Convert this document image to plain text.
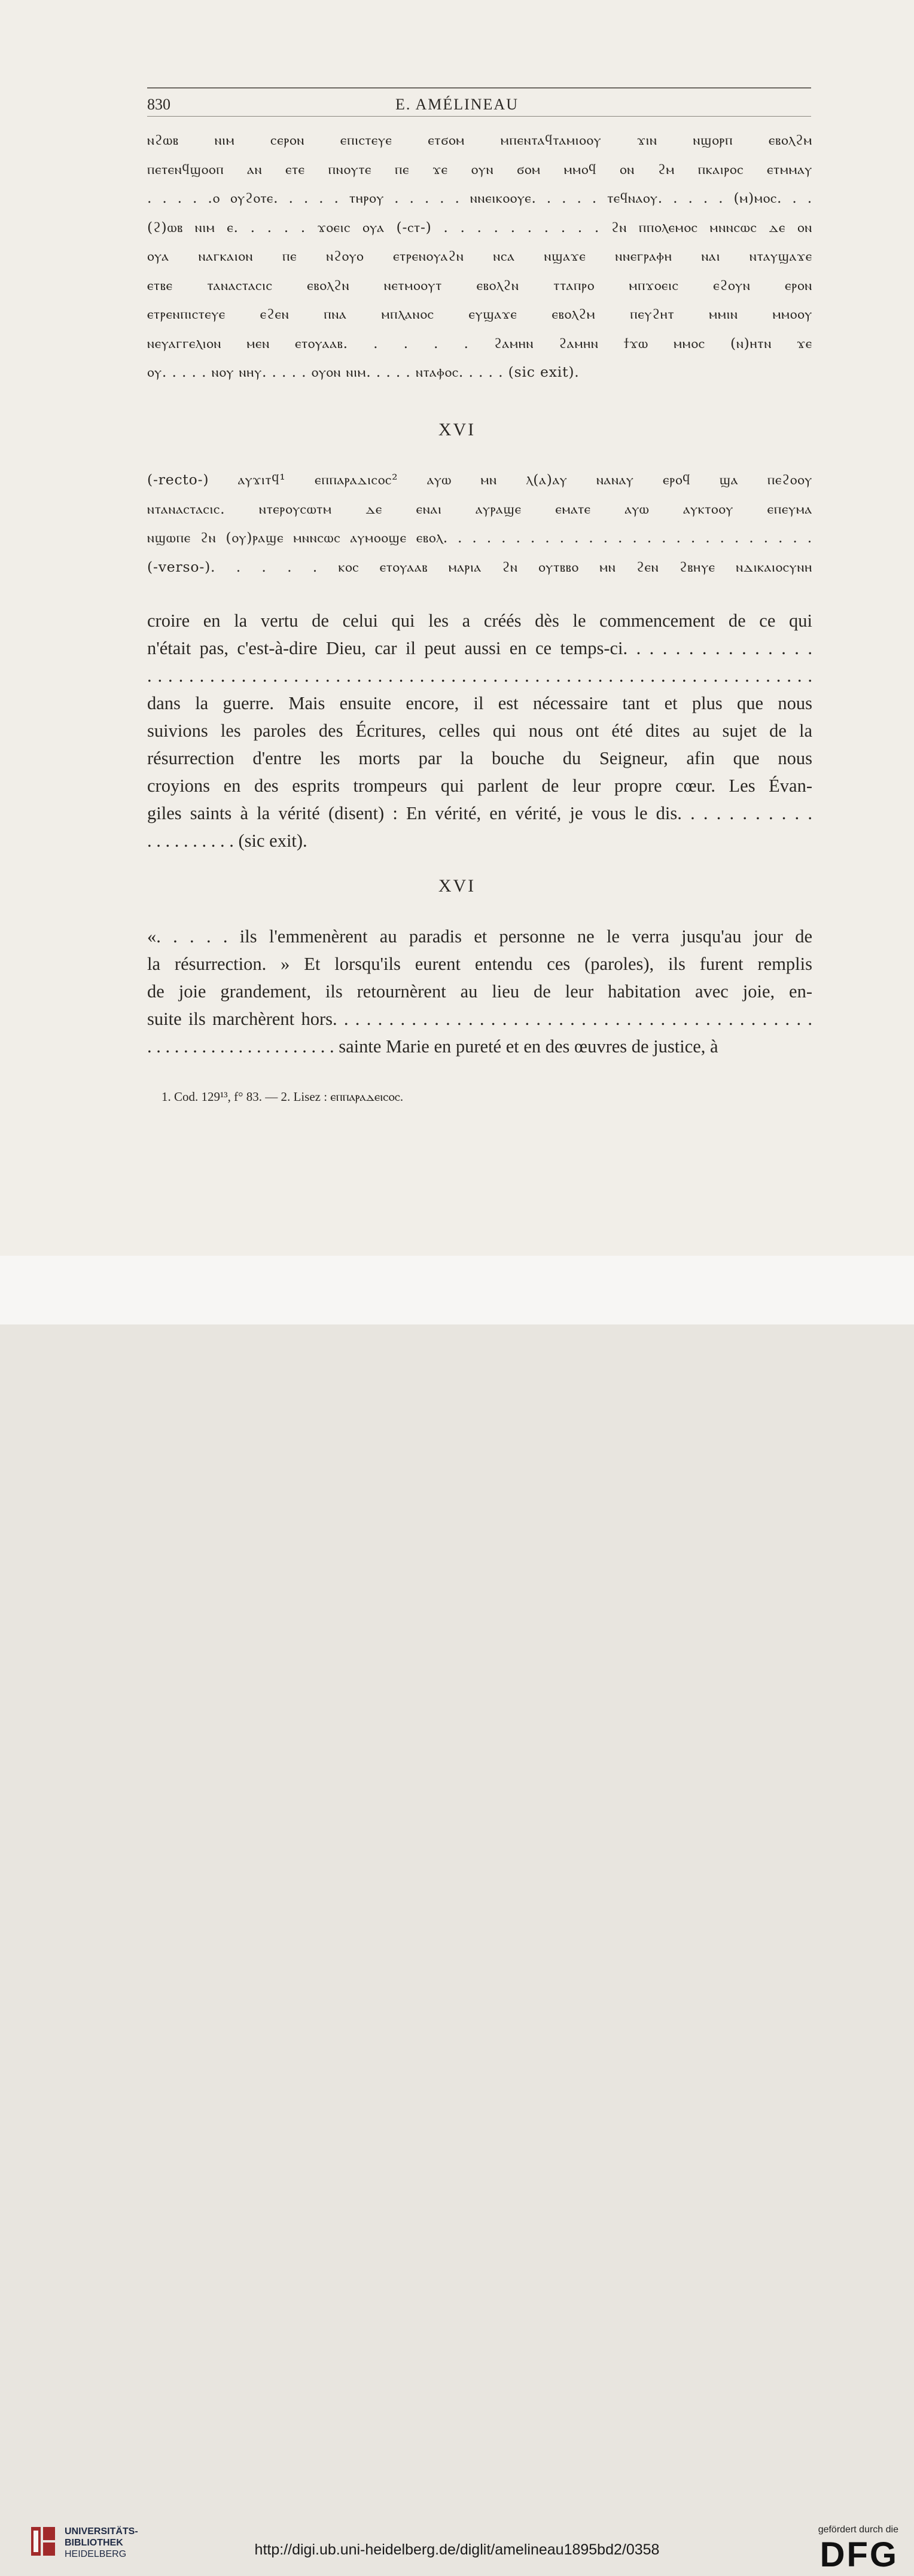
830	E. AMÉLINEAU

ⲛϩⲱⲃ ⲛⲓⲙ ⲥⲉⲣⲟⲛ ⲉⲡⲓⲥⲧⲉⲩⲉ ⲉⲧϭⲟⲙ ⲙⲡⲉⲛⲧⲁϥⲧⲁⲙⲓⲟⲟⲩ ϫⲓⲛ ⲛϣⲟⲣⲡ ⲉⲃⲟⲗϩⲙ

ⲡⲉⲧⲉⲛϥϣⲟⲟⲡ ⲁⲛ ⲉⲧⲉ ⲡⲛⲟⲩⲧⲉ ⲡⲉ ϫⲉ ⲟⲩⲛ ϭⲟⲙ ⲙⲙⲟϥ ⲟⲛ ϩⲙ ⲡⲕⲁⲓⲣⲟⲥ ⲉⲧⲙⲙⲁⲩ

. . . . .ⲟ ⲟⲩϩⲟⲧⲉ. . . . . ⲧⲏⲣⲟⲩ . . . . . ⲛⲛⲉⲓⲕⲟⲟⲩⲉ. . . . . ⲧⲉϥⲛⲁⲟⲩ. . . . . (ⲙ)ⲙⲟⲥ. . .

(ϩ)ⲱⲃ ⲛⲓⲙ ⲉ. . . . . ϫⲟⲉⲓⲥ ⲟⲩⲁ (-ⲥⲧ-) . . . . . . . . . . ϩⲛ ⲡⲡⲟⲗⲉⲙⲟⲥ ⲙⲛⲛⲥⲱⲥ ⲇⲉ ⲟⲛ

ⲟⲩⲁ ⲛⲁⲅⲕⲁⲓⲟⲛ ⲡⲉ ⲛϩⲟⲩⲟ ⲉⲧⲣⲉⲛⲟⲩⲁϩⲛ ⲛⲥⲁ ⲛϣⲁϫⲉ ⲛⲛⲉⲅⲣⲁⲫⲏ ⲛⲁⲓ ⲛⲧⲁⲩϣⲁϫⲉ

ⲉⲧⲃⲉ ⲧⲁⲛⲁⲥⲧⲁⲥⲓⲥ ⲉⲃⲟⲗϩⲛ ⲛⲉⲧⲙⲟⲟⲩⲧ ⲉⲃⲟⲗϩⲛ ⲧⲧⲁⲡⲣⲟ ⲙⲡϫⲟⲉⲓⲥ ⲉϩⲟⲩⲛ ⲉⲣⲟⲛ

ⲉⲧⲣⲉⲛⲡⲓⲥⲧⲉⲩⲉ ⲉϩⲉⲛ ⲡⲛⲁ ⲙⲡⲗⲁⲛⲟⲥ ⲉⲩϣⲁϫⲉ ⲉⲃⲟⲗϩⲙ ⲡⲉⲩϩⲏⲧ ⲙⲙⲓⲛ ⲙⲙⲟⲟⲩ

ⲛⲉⲩⲁⲅⲅⲉⲗⲓⲟⲛ ⲙⲉⲛ ⲉⲧⲟⲩⲁⲁⲃ. . . . . ϩⲁⲙⲏⲛ ϩⲁⲙⲏⲛ ϯϫⲱ ⲙⲙⲟⲥ (ⲛ)ⲏⲧⲛ ϫⲉ

ⲟⲩ. . . . . ⲛⲟⲩ ⲛⲏⲩ. . . . . ⲟⲩⲟⲛ ⲛⲓⲙ. . . . . ⲛⲧⲁⲫⲟⲥ. . . . . (sic exit).

XVI

(-recto-) ⲁⲩϫⲓⲧϥ¹ ⲉⲡⲡⲁⲣⲁⲇⲓⲥⲟⲥ² ⲁⲩⲱ ⲙⲛ ⲗ(ⲁ)ⲁⲩ ⲛⲁⲛⲁⲩ ⲉⲣⲟϥ ϣⲁ ⲡⲉϩⲟⲟⲩ

ⲛⲧⲁⲛⲁⲥⲧⲁⲥⲓⲥ. ⲛⲧⲉⲣⲟⲩⲥⲱⲧⲙ ⲇⲉ ⲉⲛⲁⲓ ⲁⲩⲣⲁϣⲉ ⲉⲙⲁⲧⲉ ⲁⲩⲱ ⲁⲩⲕⲧⲟⲟⲩ ⲉⲡⲉⲩⲙⲁ

ⲛϣⲱⲡⲉ ϩⲛ (ⲟⲩ)ⲣⲁϣⲉ ⲙⲛⲛⲥⲱⲥ ⲁⲩⲙⲟⲟϣⲉ ⲉⲃⲟⲗ. . . . . . . . . . . . . . . . . . . . . . . . . .

(-verso-). . . . . ⲕⲟⲥ ⲉⲧⲟⲩⲁⲁⲃ ⲙⲁⲣⲓⲁ ϩⲛ ⲟⲩⲧⲃⲃⲟ ⲙⲛ ϩⲉⲛ ϩⲃⲏⲩⲉ ⲛⲇⲓⲕⲁⲓⲟⲥⲩⲛⲏ

croire en la vertu de celui qui les a créés dès le commencement de ce qui

n'était pas, c'est-à-dire Dieu, car il peut aussi en ce temps-ci. . . . . . . . . . . . . . .

. . . . . . . . . . . . . . . . . . . . . . . . . . . . . . . . . . . . . . . . . . . . . . . . . . . . . . . . . . . . . . . .

dans la guerre. Mais ensuite encore, il est nécessaire tant et plus que nous

suivions les paroles des Écritures, celles qui nous ont été dites au sujet de la

résurrection d'entre les morts par la bouche du Seigneur, afin que nous

croyions en des esprits trompeurs qui parlent de leur propre cœur. Les Évan-

giles saints à la vérité (disent) : En vérité, en vérité, je vous le dis. . . . . . . . . . .

. . . . . . . . . . (sic exit).

XVI

«. . . . . ils l'emmenèrent au paradis et personne ne le verra jusqu'au jour de

la résurrection. » Et lorsqu'ils eurent entendu ces (paroles), ils furent remplis

de joie grandement, ils retournèrent au lieu de leur habitation avec joie, en-

suite ils marchèrent hors. . . . . . . . . . . . . . . . . . . . . . . . . . . . . . . . . . . . . . . . . . .

. . . . . . . . . . . . . . . . . . . . . sainte Marie en pureté et en des œuvres de justice, à

1. Cod. 129¹³, f° 83. — 2. Lisez : ⲉⲡⲡⲁⲣⲁⲇⲉⲓⲥⲟⲥ.
UNIVERSITÄTS-
BIBLIOTHEK
HEIDELBERG	http://digi.ub.uni-heidelberg.de/diglit/amelineau1895bd2/0358
gefördert durch die
DFG
